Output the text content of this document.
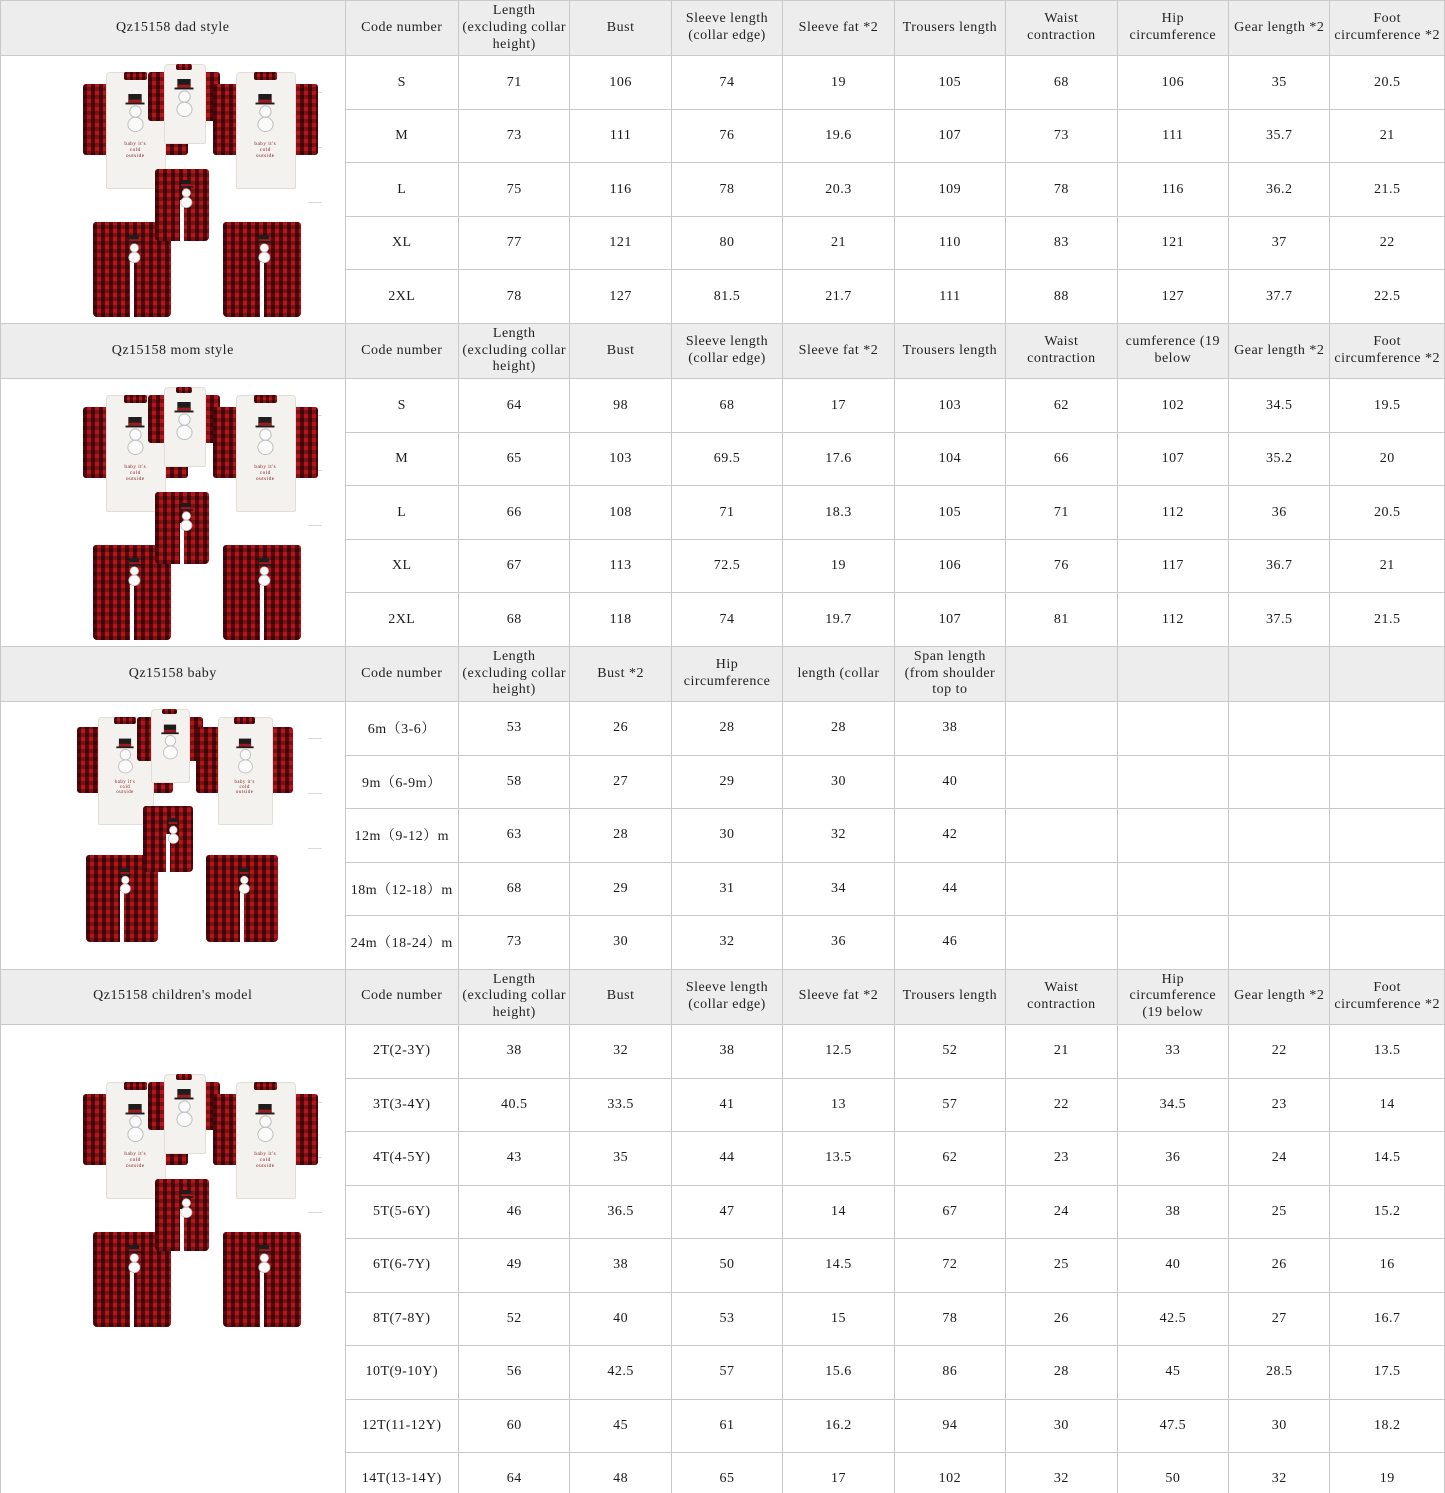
Qz15158 dad style	Code number	Length (excluding collar height)	Bust	Sleeve length (collar edge)	Sleeve fat *2	Trousers length	Waist contraction	Hip circumference	Gear length *2	Foot circumference *2

baby it's
cold
outside
baby it's
cold
outside
	S	71	106	74	19	105	68	106	35	20.5
	M	73	111	76	19.6	107	73	111	35.7	21
	L	75	116	78	20.3	109	78	116	36.2	21.5
	XL	77	121	80	21	110	83	121	37	22
	2XL	78	127	81.5	21.7	111	88	127	37.7	22.5
Qz15158 mom style	Code number	Length (excluding collar height)	Bust	Sleeve length (collar edge)	Sleeve fat *2	Trousers length	Waist contraction	cumference (19 below	Gear length *2	Foot circumference *2

baby it's
cold
outside
baby it's
cold
outside
	S	64	98	68	17	103	62	102	34.5	19.5
	M	65	103	69.5	17.6	104	66	107	35.2	20
	L	66	108	71	18.3	105	71	112	36	20.5
	XL	67	113	72.5	19	106	76	117	36.7	21
	2XL	68	118	74	19.7	107	81	112	37.5	21.5
Qz15158 baby	Code number	Length (excluding collar height)	Bust *2	Hip circumference	length (collar	Span length (from shoulder top to				

baby it's
cold
outside
baby it's
cold
outside
	6m（3-6）	53	26	28	28	38				
	9m（6-9m）	58	27	29	30	40				
	12m（9-12）m	63	28	30	32	42				
	18m（12-18）m	68	29	31	34	44				
	24m（18-24）m	73	30	32	36	46				
Qz15158 children's model	Code number	Length (excluding collar height)	Bust	Sleeve length (collar edge)	Sleeve fat *2	Trousers length	Waist contraction	Hip circumference (19 below	Gear length *2	Foot circumference *2

baby it's
cold
outside
baby it's
cold
outside
	2T(2-3Y)	38	32	38	12.5	52	21	33	22	13.5
	3T(3-4Y)	40.5	33.5	41	13	57	22	34.5	23	14
	4T(4-5Y)	43	35	44	13.5	62	23	36	24	14.5
	5T(5-6Y)	46	36.5	47	14	67	24	38	25	15.2
	6T(6-7Y)	49	38	50	14.5	72	25	40	26	16
	8T(7-8Y)	52	40	53	15	78	26	42.5	27	16.7
	10T(9-10Y)	56	42.5	57	15.6	86	28	45	28.5	17.5
	12T(11-12Y)	60	45	61	16.2	94	30	47.5	30	18.2
	14T(13-14Y)	64	48	65	17	102	32	50	32	19
